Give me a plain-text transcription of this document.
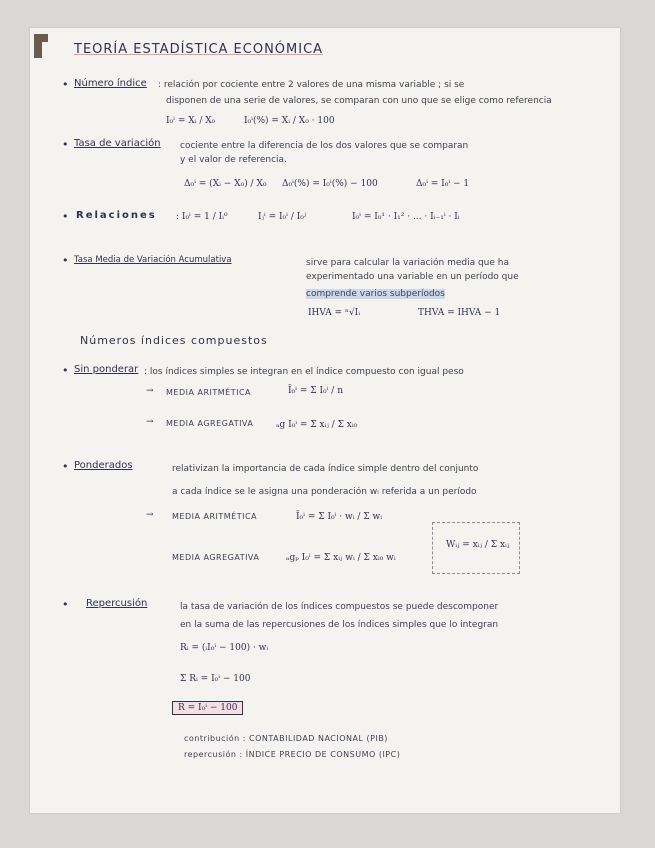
TEORÍA ESTADÍSTICA ECONÓMICA
• Número índice : relación por cociente entre 2 valores de una misma variable ; si se
disponen de una serie de valores, se comparan con uno que se elige como referencia
I₀ⁱ = Xᵢ / X₀	I₀ⁱ(%) = Xᵢ / X₀ · 100
• Tasa de variación cociente entre la diferencia de los dos valores que se comparan
y el valor de referencia.
Δ₀ⁱ = (Xᵢ − X₀) / X₀ Δ₀ⁱ(%) = I₀ⁱ(%) − 100	Δ₀ⁱ = I₀ⁱ − 1
• Relaciones : I₀ⁱ = 1 / Iᵢ⁰	Iⱼⁱ = I₀ⁱ / I₀ʲ	I₀ⁱ = I₀¹ · I₁² · ... · Iᵢ₋₁ⁱ · Iᵢ
• Tasa Media de Variación Acumulativa	sirve para calcular la variación media que ha
experimentado una variable en un período que
comprende varios subperíodos
IHVA = ⁿ√Iᵢ	THVA = IHVA − 1
Números índices compuestos
• Sin ponderar : los índices simples se integran en el índice compuesto con igual peso
→ MEDIA ARITMÉTICA	Ī₀ⁱ = Σ I₀ⁱ / n
→ MEDIA AGREGATIVA	ₐg I₀ⁱ = Σ xᵢⱼ / Σ xᵢ₀
• Ponderados	relativizan la importancia de cada índice simple dentro del conjunto
a cada índice se le asigna una ponderación wᵢ referida a un período
→ MEDIA ARITMÉTICA	Ī₀ⁱ = Σ I₀ⁱ · wᵢ / Σ wᵢ
Wᵢⱼ = xᵢⱼ / Σ xᵢⱼ
MEDIA AGREGATIVA	ₐgₚ I₀ⁱ = Σ xᵢⱼ wᵢ / Σ xᵢ₀ wᵢ
• Repercusión	la tasa de variación de los índices compuestos se puede descomponer
en la suma de las repercusiones de los índices simples que lo integran
Rᵢ = (ᵢI₀ⁱ − 100) · wᵢ
Σ Rᵢ = I₀ⁱ − 100
R = I₀ⁱ − 100
contribución : CONTABILIDAD NACIONAL (PIB)
repercusión : ÍNDICE PRECIO DE CONSUMO (IPC)
